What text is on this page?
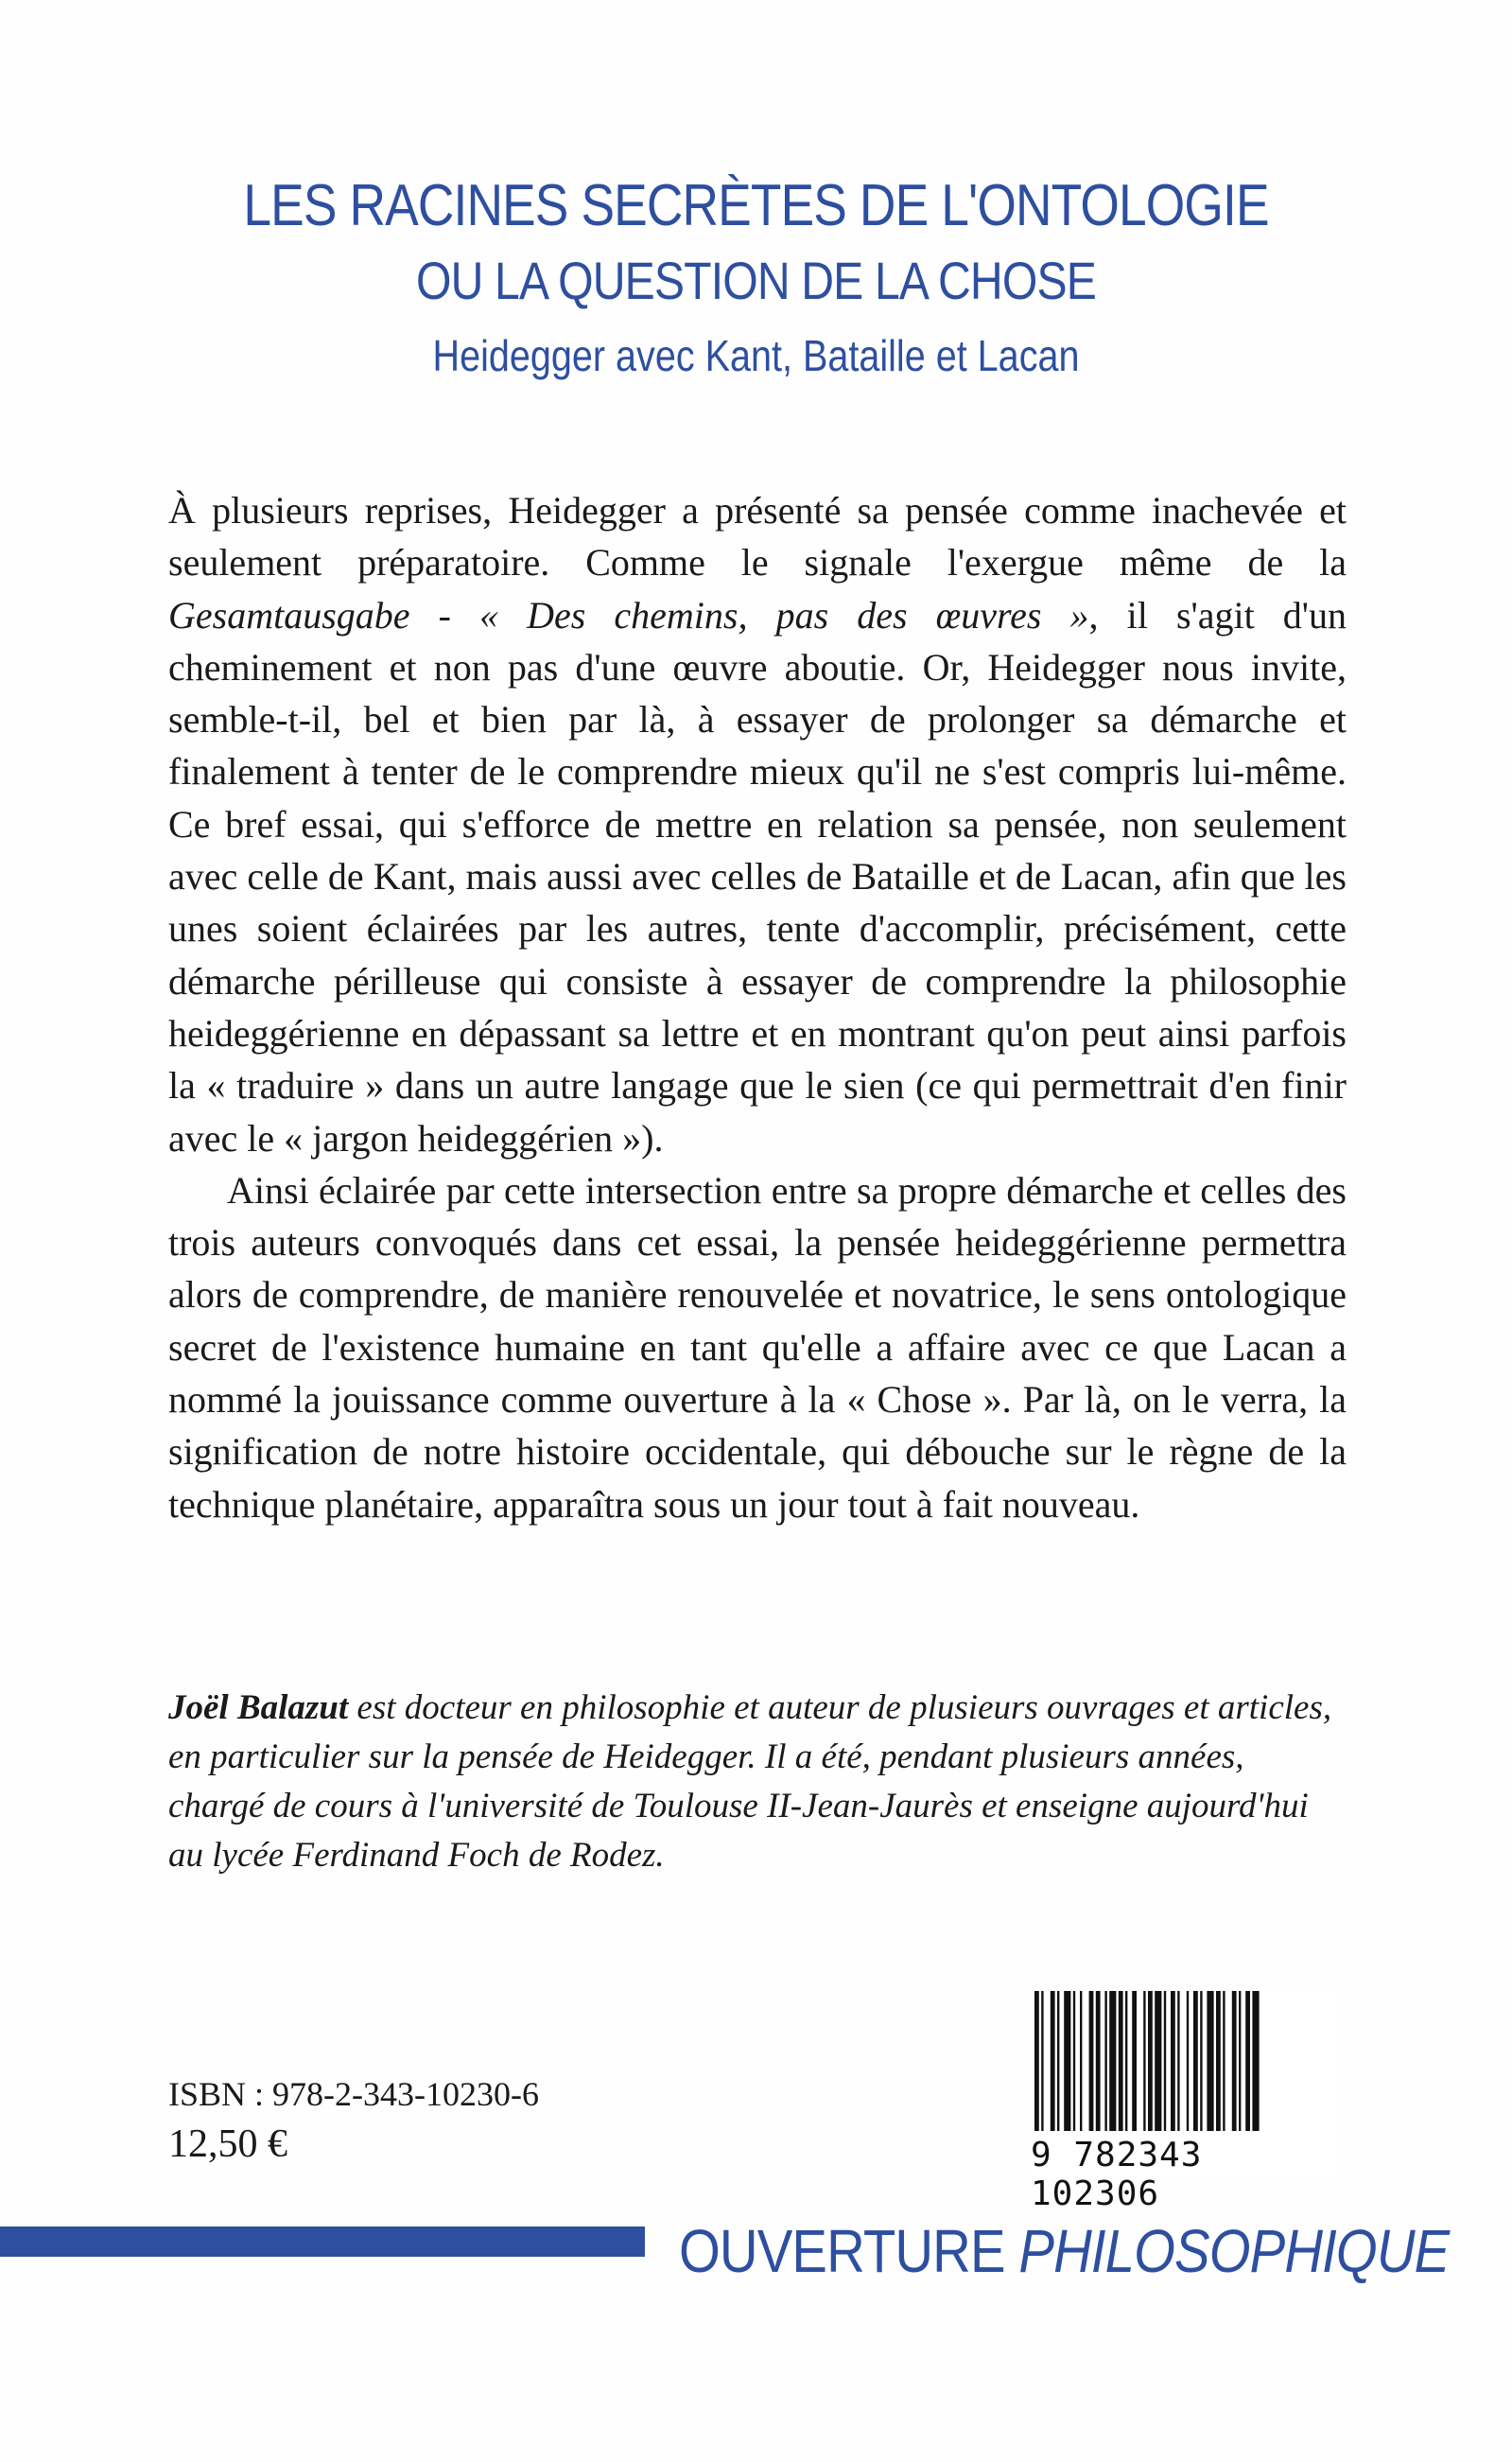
LES RACINES SECRÈTES DE L'ONTOLOGIE
OU LA QUESTION DE LA CHOSE
Heidegger avec Kant, Bataille et Lacan

À plusieurs reprises, Heidegger a présenté sa pensée comme inachevée et seulement préparatoire. Comme le signale l'exergue même de la Gesamtausgabe - « Des chemins, pas des œuvres », il s'agit d'un cheminement et non pas d'une œuvre aboutie. Or, Heidegger nous invite, semble-t-il, bel et bien par là, à essayer de prolonger sa démarche et finalement à tenter de le comprendre mieux qu'il ne s'est compris lui-même. Ce bref essai, qui s'efforce de mettre en relation sa pensée, non seulement avec celle de Kant, mais aussi avec celles de Bataille et de Lacan, afin que les unes soient éclairées par les autres, tente d'accomplir, précisément, cette démarche périlleuse qui consiste à essayer de comprendre la philosophie heideggérienne en dépassant sa lettre et en montrant qu'on peut ainsi parfois la « traduire » dans un autre langage que le sien (ce qui permettrait d'en finir avec le « jargon heideggérien »).

Ainsi éclairée par cette intersection entre sa propre démarche et celles des trois auteurs convoqués dans cet essai, la pensée heideggérienne permettra alors de comprendre, de manière renouvelée et novatrice, le sens ontologique secret de l'existence humaine en tant qu'elle a affaire avec ce que Lacan a nommé la jouissance comme ouverture à la « Chose ». Par là, on le verra, la signification de notre histoire occidentale, qui débouche sur le règne de la technique planétaire, apparaîtra sous un jour tout à fait nouveau.

Joël Balazut est docteur en philosophie et auteur de plusieurs ouvrages et articles, en particulier sur la pensée de Heidegger. Il a été, pendant plusieurs années, chargé de cours à l'université de Toulouse II-Jean-Jaurès et enseigne aujourd'hui au lycée Ferdinand Foch de Rodez.
ISBN : 978-2-343-10230-6
12,50 €	9 782343 102306
OUVERTURE PHILOSOPHIQUE
